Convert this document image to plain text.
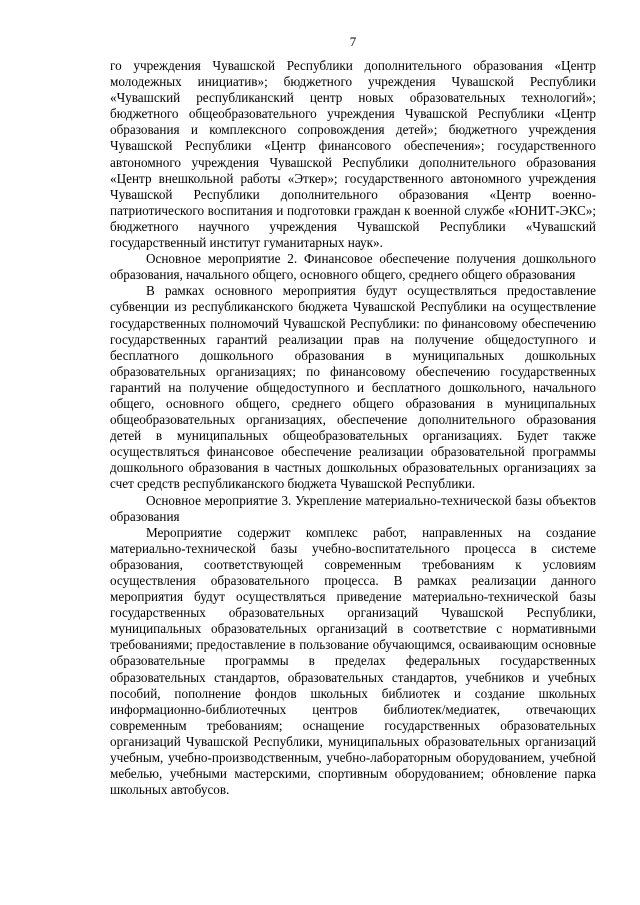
7

го учреждения Чувашской Республики дополнительного образования «Центр молодежных инициатив»; бюджетного учреждения Чувашской Республики «Чувашский республиканский центр новых образовательных технологий»; бюджетного общеобразовательного учреждения Чувашской Республики «Центр образования и комплексного сопровождения детей»; бюджетного учреждения Чувашской Республики «Центр финансового обеспечения»; государственного автономного учреждения Чувашской Республики дополнительного образования «Центр внешкольной работы «Эткер»; государственного автономного учреждения Чувашской Республики дополнительного образования «Центр военно-патриотического воспитания и подготовки граждан к военной службе «ЮНИТ-ЭКС»; бюджетного научного учреждения Чувашской Республики «Чувашский государственный институт гуманитарных наук».

Основное мероприятие 2. Финансовое обеспечение получения дошкольного образования, начального общего, основного общего, среднего общего образования

В рамках основного мероприятия будут осуществляться предоставление субвенции из республиканского бюджета Чувашской Республики на осуществление государственных полномочий Чувашской Республики: по финансовому обеспечению государственных гарантий реализации прав на получение общедоступного и бесплатного дошкольного образования в муниципальных дошкольных образовательных организациях; по финансовому обеспечению государственных гарантий на получение общедоступного и бесплатного дошкольного, начального общего, основного общего, среднего общего образования в муниципальных общеобразовательных организациях, обеспечение дополнительного образования детей в муниципальных общеобразовательных организациях. Будет также осуществляться финансовое обеспечение реализации образовательной программы дошкольного образования в частных дошкольных образовательных организациях за счет средств республиканского бюджета Чувашской Республики.

Основное мероприятие 3. Укрепление материально-технической базы объектов образования

Мероприятие содержит комплекс работ, направленных на создание материально-технической базы учебно-воспитательного процесса в системе образования, соответствующей современным требованиям к условиям осуществления образовательного процесса. В рамках реализации данного мероприятия будут осуществляться приведение материально-технической базы государственных образовательных организаций Чувашской Республики, муниципальных образовательных организаций в соответствие с нормативными требованиями; предоставление в пользование обучающимся, осваивающим основные образовательные программы в пределах федеральных государственных образовательных стандартов, образовательных стандартов, учебников и учебных пособий, пополнение фондов школьных библиотек и создание школьных информационно-библиотечных центров библиотек/медиатек, отвечающих современным требованиям; оснащение государственных образовательных организаций Чувашской Республики, муниципальных образовательных организаций учебным, учебно-производственным, учебно-лабораторным оборудованием, учебной мебелью, учебными мастерскими, спортивным оборудованием; обновление парка школьных автобусов.
